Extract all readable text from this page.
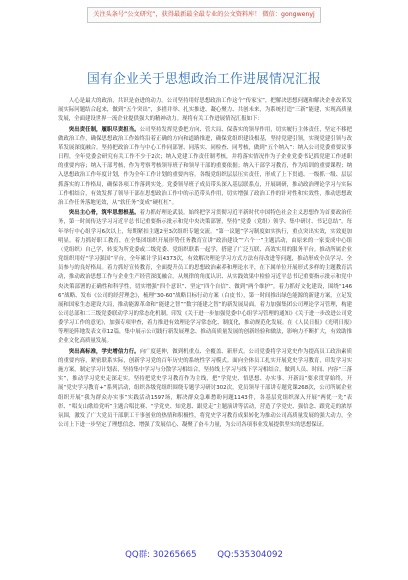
关注头条号“公文研究”，获得最新最全最专业的公文资料库！ 微信：gongwenyj
国有企业关于思想政治工作进展情况汇报

人心是最大的政治，共识是奋进的动力。公司坚持用好思想政治工作这个“传家宝”，把解决思想问题和解决企业改革发展实际问题结合起来，做到“五个突出”，多措并举、扎实推进、凝心聚力、共创未来，为系统打造“三新”能建，实现高质量发展，全面建设世界一流企业提供强大的精神动力。现将有关工作进展情况汇报如下：

突出责任制，履职尽责担当。公司坚持发挥党委把方向、管大局、保落实的领导作用，切实履行主体责任，坚定不移把做政治工作，确保思想政治工作始终沿着正确的方向和道路推进，确保党组织建设根基，坚持党建引领，实现党建引领与改革发展深度融合。坚持把政治工作与中心工作同部署、同落实、同检查、同考核，做到“五个纳入”：纳入公司党委重要议事日程，全年党委会研究有关工作不少于2次；纳入党建工作责任制考核，并将落实情况作为子企业党委书记抓党建工作述职的重要内容；纳入干部考核，作为考察考核领导班子和领导干部的重要依据；纳入干部学习教育，作为培训的重要课程；纳入思想政治工作年度计划，作为全年工作计划的重要内容。各级党组织层层压实责任，形成了上下贯通、一级抓一级、层层抓落实的工作格局，确保各项工作落到实处。党委领导班子成员带头深入基层联系点，开展调研，推动政治理论学习与实际工作相结合，有效发挥了领导干部在思想政治工作中的示范带头作用，切实增强了政治工作的针对性和实效性，推动思想政治工作任务落地见效，从“软任务”变成“硬杠杠”。

突出主心骨，筑牢思想根基。着力抓好理论武装。始终把学习贯彻习近平新时代中国特色社会主义思想作为首要政治任务，第一时间传达学习习近平总书记重要指示批示和党中央决策部署，坚持“党委（党组）领学、集中研讨、书记总结”，每年举行中心组学习6次以上，每期紧扣主题2至3次组织专题交流。“第一议题”学习制度如实执行，重点突出实效，实效更加明显。着力抓好职工教育，在全集团组织开展形势任务教育宣讲“政治建设”“六个一”主题活动，由原来的一家变成中心组（党组织）自己学，转变为所党委或二级党委、党组织联系一起学，搭建了广泛互联、高效实用的服务平台。推动所属企业党组织用好“学习强国”平台，全年累计学员4373次，有效解决理论学习方式方法有待改进等问题，推动形成全员学习、全员参与的良好格局。着力抓好宣传教育，全面提升员工的思想政治素养和理论水平，在下属单位开展形式多样的主题教育活动，推动政治思想工作与企业生产经营深度融合。从规律的角度认识、从实践效果中检验习近平总书记重要指示批示和党中央决策部署的正确性和科学性，切实增强“四个意识”、坚定“四个自信”、做到“两个维护”。着力抓好文化建设，围绕“1466”战略、发布《公司的经营理念》，梳理“30-60”战略目标行动方案（白皮书），第一时间推出绿色能源的新建方案，立足发展和国家生态建设大局，推动能源革命和“能建之智”“数字能建之智”的新发展局面。着力加强集团公司理论学习管理，构建公司总部和二三级党委联动学习的常态化机制。印发《关于进一步加强党委中心组学习管理的通知》《关于进一步改进公司党委学习工作的意见》，加强专项审查，着力推进有效理论学习常态化、制度化，推动规范化发展。在《人民日报》《光明日报》等理论阵地发表文章12篇，集中展示公司践行新发展理念、推动高质量发展的创新经验和做法，影响力不断扩大，有效助推企业文化高质量发展。

突出高标准，学史增信力行。向广度延伸，做到机重点、全覆盖、新形式。公司党委将学习党史作为提高员工政治素质的重要内容，紧密联系实际，创新学习党的百年历史的系统性学习模式。面向全体员工扎实开展党史学习教育，印发学习实施方案，制定学习计划表，坚持集中学习与分散学习相结合，坚持线上学习与线下学习相结合，做到人员、时间、内容“三落实”，推动学习党史走深走实。坚持把党史学习教育作为主线，把“学党史、悟思想、办实事、开新局”要求贯穿始终，开展“党史学习教育+”系列活动，组织各级党组织围绕专题学习研讨302次，党员领导干部讲专题党课268次，公司所属企业组织开展“我为群众办实事”实践活动1597场，解决群众急难愁盼问题1143件，各基层党组织深入开展“两优一先”表彰、“唱支山歌给党听”主题合唱比赛、“学党史、知党恩、跟党走”主题演讲等活动，营造了学党史、强信念、跟党走的浓厚氛围，激发了广大党员干部职工干事创业的热情和积极性，将党史学习教育成果转化为推动公司高质量发展的强大动力，全公司上下进一步坚定了理想信念、增强了发展信心、凝聚了奋斗力量，为公司各项事业发展提供坚实的思想保证。

QQ群: 30265665 QQ:535304092
